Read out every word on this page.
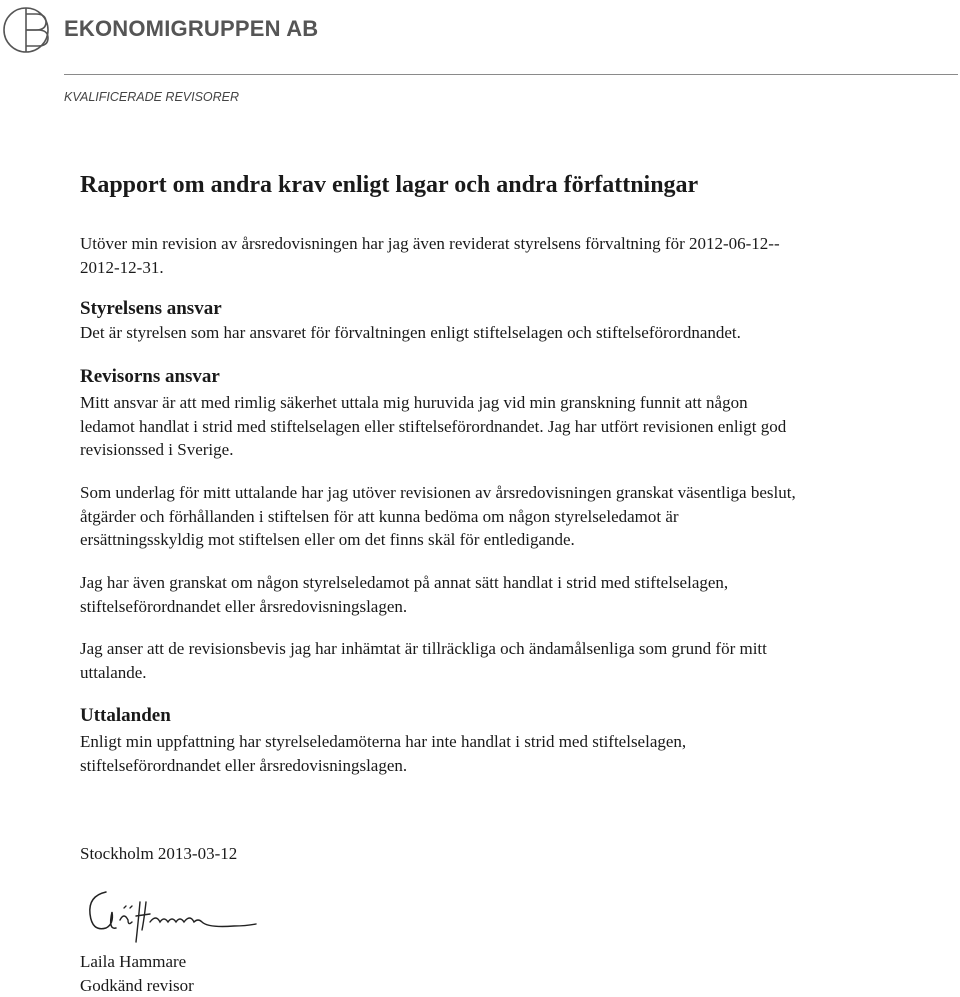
EKONOMIGRUPPEN AB
KVALIFICERADE REVISORER
Rapport om andra krav enligt lagar och andra författningar
Utöver min revision av årsredovisningen har jag även reviderat styrelsens förvaltning för 2012-06-12--
2012-12-31.
Styrelsens ansvar
Det är styrelsen som har ansvaret för förvaltningen enligt stiftelselagen och stiftelseförordnandet.
Revisorns ansvar
Mitt ansvar är att med rimlig säkerhet uttala mig huruvida jag vid min granskning funnit att någon
ledamot handlat i strid med stiftelselagen eller stiftelseförordnandet. Jag har utfört revisionen enligt god
revisionssed i Sverige.
Som underlag för mitt uttalande har jag utöver revisionen av årsredovisningen granskat väsentliga beslut,
åtgärder och förhållanden i stiftelsen för att kunna bedöma om någon styrelseledamot är
ersättningsskyldig mot stiftelsen eller om det finns skäl för entledigande.
Jag har även granskat om någon styrelseledamot på annat sätt handlat i strid med stiftelselagen,
stiftelseförordnandet eller årsredovisningslagen.
Jag anser att de revisionsbevis jag har inhämtat är tillräckliga och ändamålsenliga som grund för mitt
uttalande.
Uttalanden
Enligt min uppfattning har styrelseledamöterna har inte handlat i strid med stiftelselagen,
stiftelseförordnandet eller årsredovisningslagen.
Stockholm 2013-03-12
Laila Hammare
Godkänd revisor
